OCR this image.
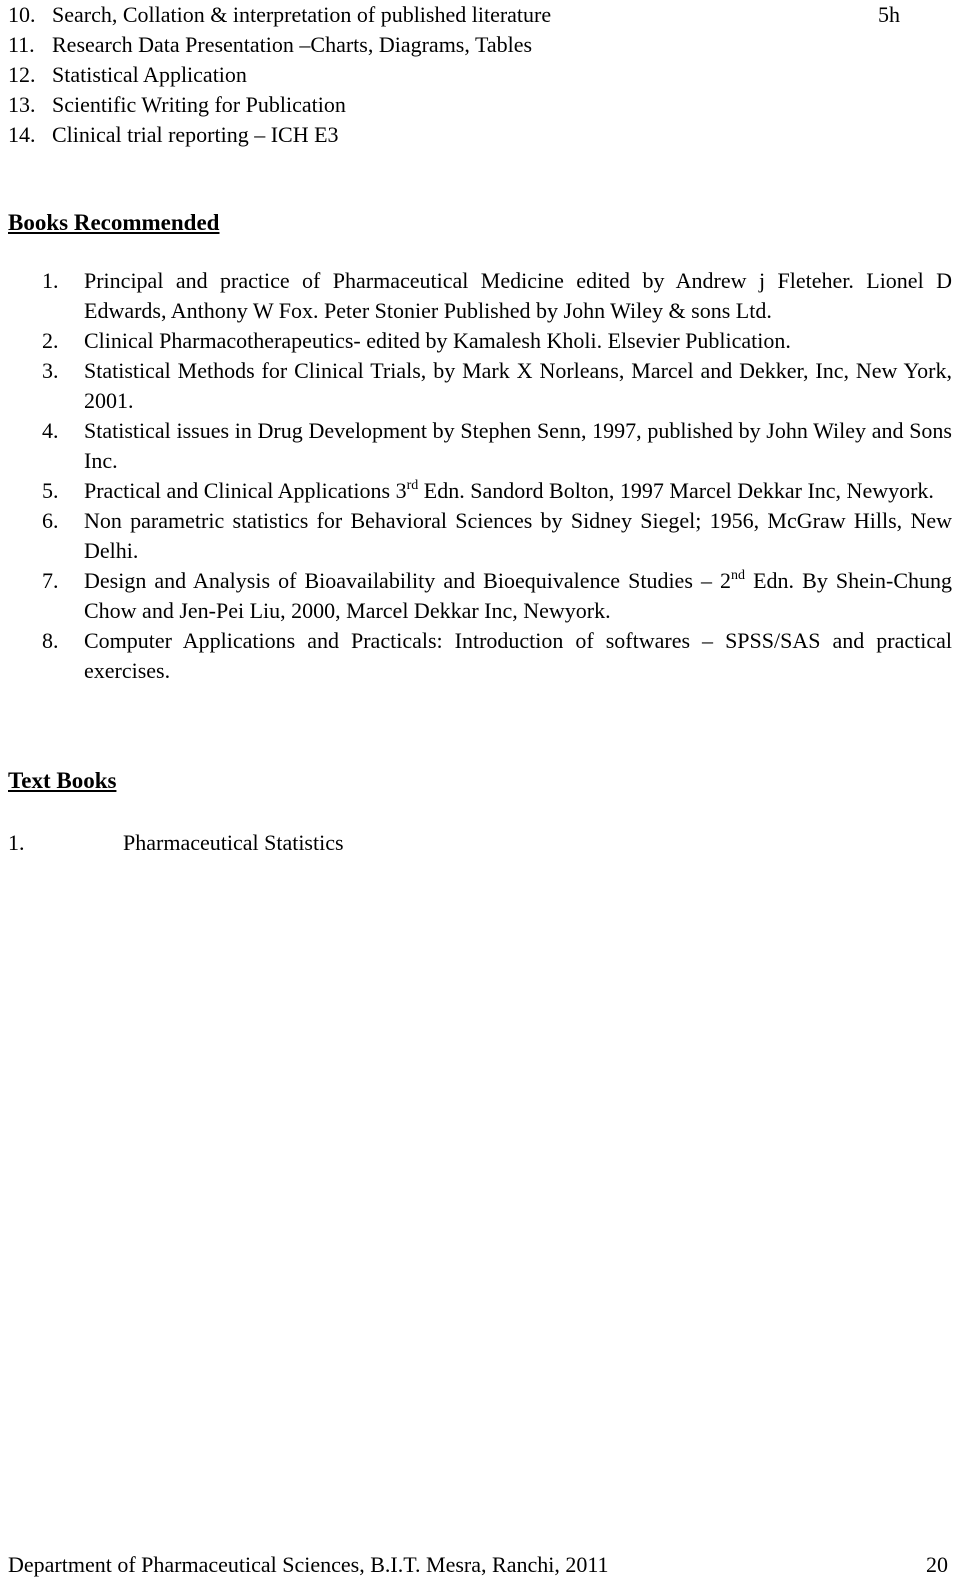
10. Search, Collation & interpretation of published literature	5h
11. Research Data Presentation –Charts, Diagrams, Tables
12. Statistical Application
13. Scientific Writing for Publication
14. Clinical trial reporting – ICH E3
Books Recommended
1. Principal and practice of Pharmaceutical Medicine edited by Andrew j Fleteher. Lionel D Edwards, Anthony W Fox. Peter Stonier Published by John Wiley & sons Ltd.
2. Clinical Pharmacotherapeutics- edited by Kamalesh Kholi. Elsevier Publication.
3. Statistical Methods for Clinical Trials, by Mark X Norleans, Marcel and Dekker, Inc, New York, 2001.
4. Statistical issues in Drug Development by Stephen Senn, 1997, published by John Wiley and Sons Inc.
5. Practical and Clinical Applications 3rd Edn. Sandord Bolton, 1997 Marcel Dekkar Inc, Newyork.
6. Non parametric statistics for Behavioral Sciences by Sidney Siegel; 1956, McGraw Hills, New Delhi.
7. Design and Analysis of Bioavailability and Bioequivalence Studies – 2nd Edn. By Shein-Chung Chow and Jen-Pei Liu, 2000, Marcel Dekkar Inc, Newyork.
8. Computer Applications and Practicals: Introduction of softwares – SPSS/SAS and practical exercises.
Text Books
1.	Pharmaceutical Statistics
Department of Pharmaceutical Sciences, B.I.T. Mesra, Ranchi, 2011	20
